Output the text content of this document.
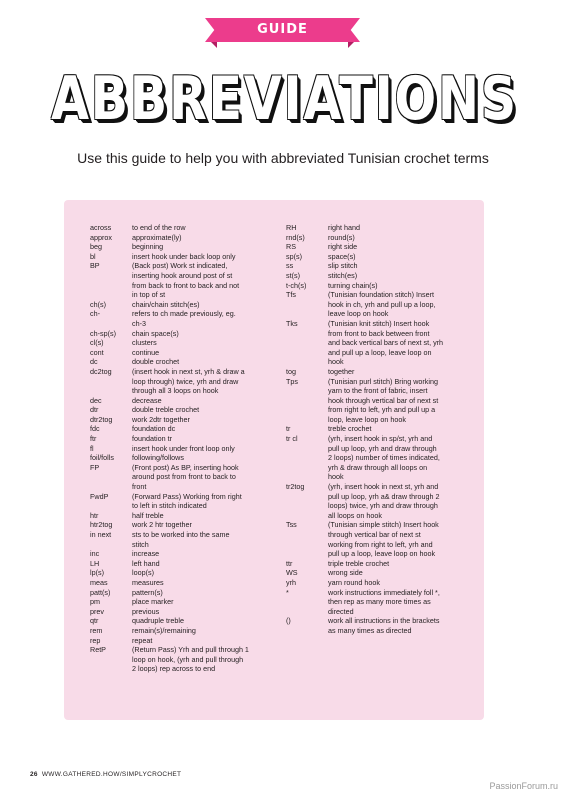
GUIDE
ABBREVIATIONS
Use this guide to help you with abbreviated Tunisian crochet terms
across	to end of the row
approx	approximate(ly)
beg	beginning
bl	insert hook under back loop only
BP	(Back post) Work st indicated,
inserting hook around post of st
from back to front to back and not
in top of st
ch(s)	chain/chain stitch(es)
ch-	refers to ch made previously, eg.
ch-3
ch-sp(s)	chain space(s)
cl(s)	clusters
cont	continue
dc	double crochet
dc2tog	(insert hook in next st, yrh & draw a
loop through) twice, yrh and draw
through all 3 loops on hook
dec	decrease
dtr	double treble crochet
dtr2tog	work 2dtr together
fdc	foundation dc
ftr	foundation tr
fl	insert hook under front loop only
foil/folls	following/follows
FP	(Front post) As BP, inserting hook
around post from front to back to
front
FwdP	(Forward Pass) Working from right
to left in stitch indicated
htr	half treble
htr2tog	work 2 htr together
in next	sts to be worked into the same
stitch
inc	increase
LH	left hand
lp(s)	loop(s)
meas	measures
patt(s)	pattern(s)
pm	place marker
prev	previous
qtr	quadruple treble
rem	remain(s)/remaining
rep	repeat
RetP	(Return Pass) Yrh and pull through 1
loop on hook, (yrh and pull through
2 loops) rep across to end
RH	right hand
rnd(s)	round(s)
RS	right side
sp(s)	space(s)
ss	slip stitch
st(s)	stitch(es)
t-ch(s)	turning chain(s)
Tfs	(Tunisian foundation stitch) Insert
hook in ch, yrh and pull up a loop,
leave loop on hook
Tks	(Tunisian knit stitch) Insert hook
from front to back between front
and back vertical bars of next st, yrh
and pull up a loop, leave loop on
hook
tog	together
Tps	(Tunisian purl stitch) Bring working
yarn to the front of fabric, insert
hook through vertical bar of next st
from right to left, yrh and pull up a
loop, leave loop on hook
tr	treble crochet
tr cl	(yrh, insert hook in sp/st, yrh and
pull up loop, yrh and draw through
2 loops) number of times indicated,
yrh & draw through all loops on
hook
tr2tog	(yrh, insert hook in next st, yrh and
pull up loop, yrh a& draw through 2
loops) twice, yrh and draw through
all loops on hook
Tss	(Tunisian simple stitch) Insert hook
through vertical bar of next st
working from right to left, yrh and
pull up a loop, leave loop on hook
ttr	triple treble crochet
WS	wrong side
yrh	yarn round hook
*	work instructions immediately foll *,
then rep as many more times as
directed
()	work all instructions in the brackets
as many times as directed
26 WWW.GATHERED.HOW/SIMPLYCROCHET
PassionForum.ru
